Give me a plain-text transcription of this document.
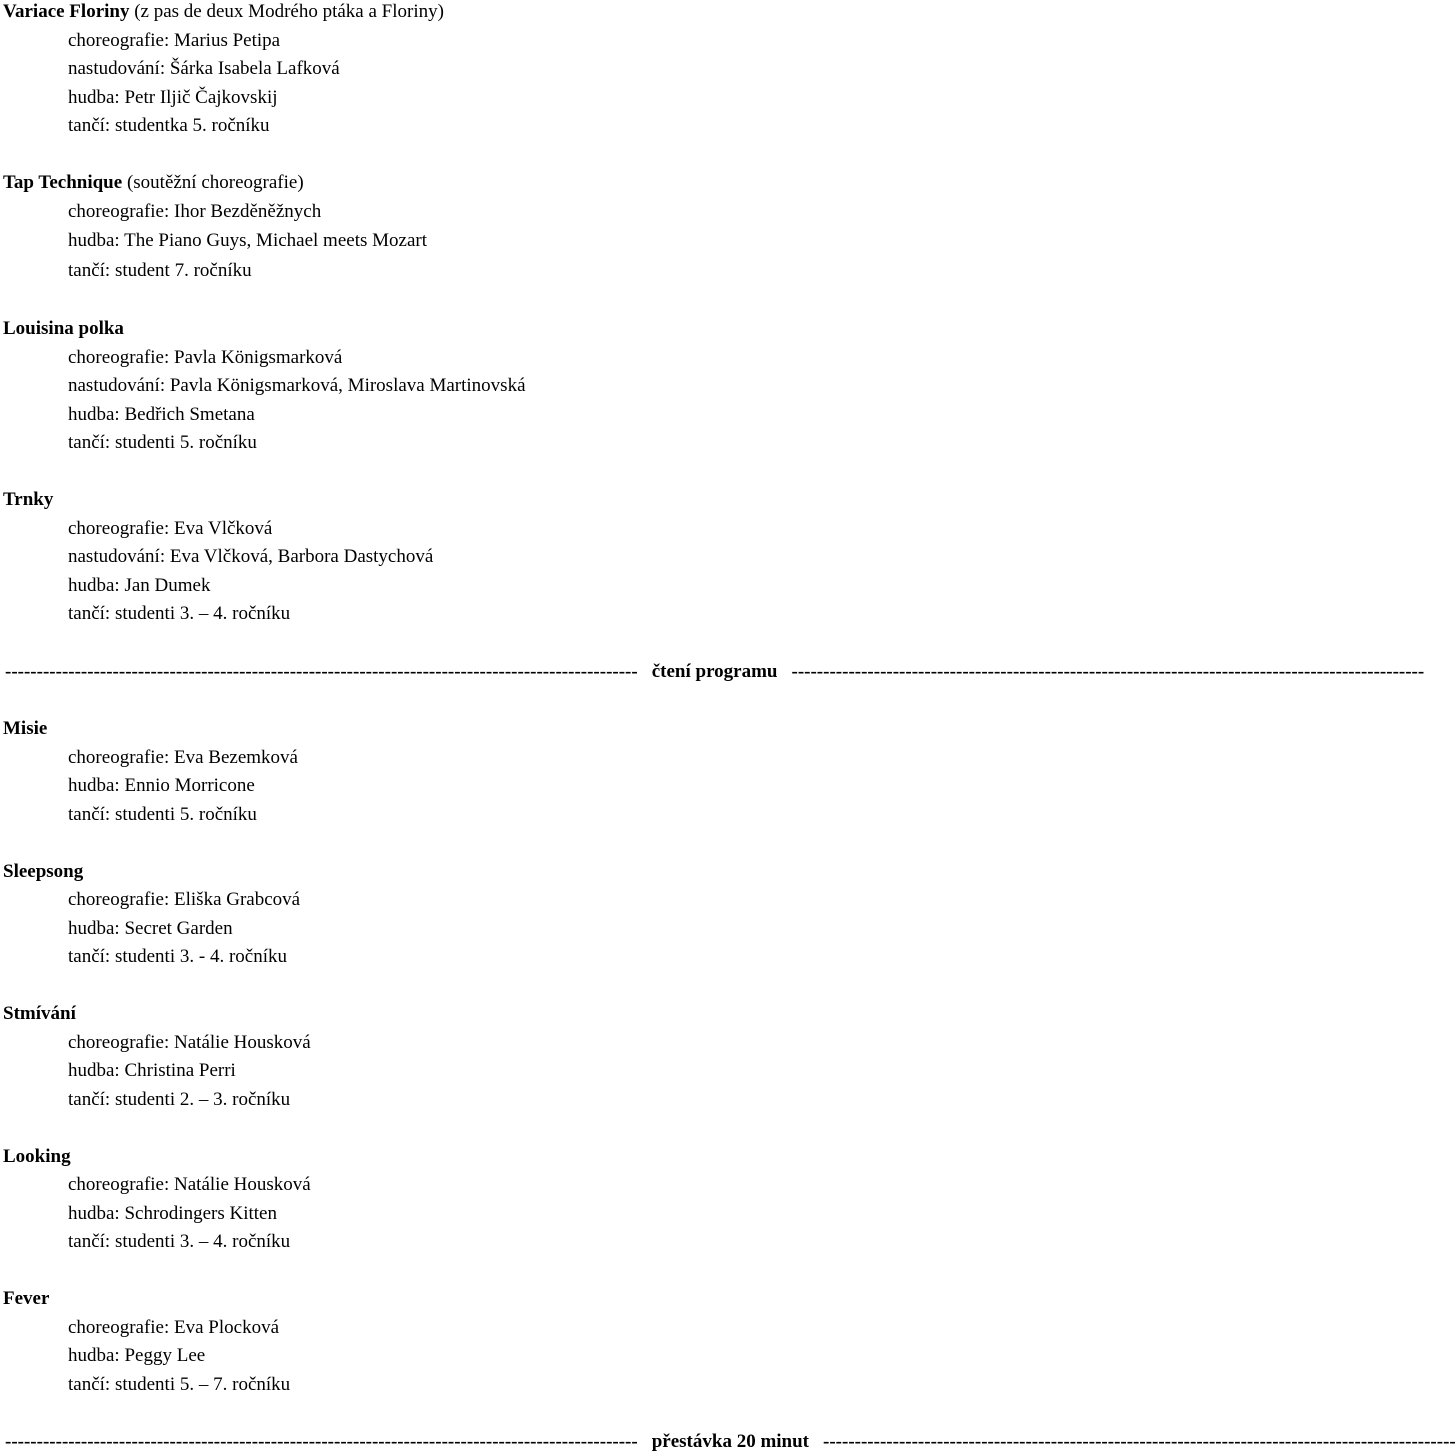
Variace Floriny (z pas de deux Modrého ptáka a Floriny)
choreografie: Marius Petipa
nastudování: Šárka Isabela Lafková
hudba: Petr Iljič Čajkovskij
tančí: studentka 5. ročníku
Tap Technique (soutěžní choreografie)
choreografie: Ihor Bezděněžnych
hudba: The Piano Guys, Michael meets Mozart
tančí: student 7. ročníku
Louisina polka
choreografie: Pavla Königsmarková
nastudování: Pavla Königsmarková, Miroslava Martinovská
hudba: Bedřich Smetana
tančí: studenti 5. ročníku
Trnky
choreografie: Eva Vlčková
nastudování: Eva Vlčková, Barbora Dastychová
hudba: Jan Dumek
tančí: studenti 3. – 4. ročníku
---------------------------------------------------------------------------------------------------- čtení programu ----------------------------------------------------------------------------------------------------
Misie
choreografie: Eva Bezemková
hudba: Ennio Morricone
tančí: studenti 5. ročníku
Sleepsong
choreografie: Eliška Grabcová
hudba: Secret Garden
tančí: studenti 3. - 4. ročníku
Stmívání
choreografie: Natálie Housková
hudba: Christina Perri
tančí: studenti 2. – 3. ročníku
Looking
choreografie: Natálie Housková
hudba: Schrodingers Kitten
tančí: studenti 3. – 4. ročníku
Fever
choreografie: Eva Plocková
hudba: Peggy Lee
tančí: studenti 5. – 7. ročníku
---------------------------------------------------------------------------------------------------- přestávka 20 minut ----------------------------------------------------------------------------------------------------
